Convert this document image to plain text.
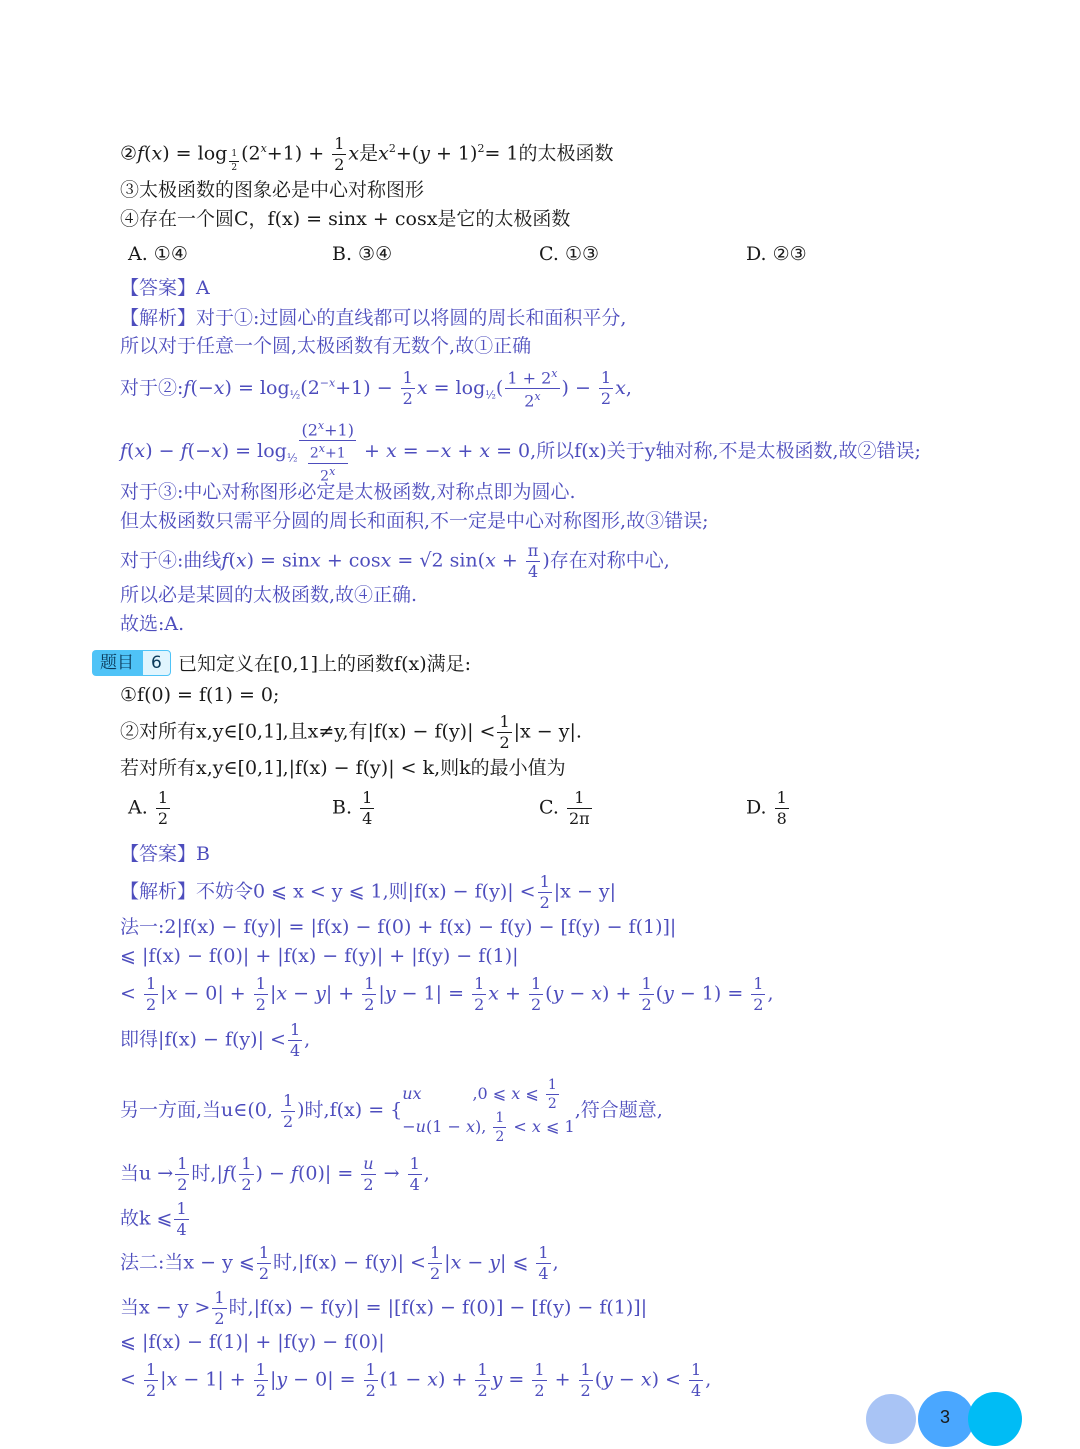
②f(x) = log $_{\frac{1}{2}}$ $(2^x+1) + \frac{1}{2}$ x是$x^2+(y + 1)^2= 1$的太极函数
③太极函数的图象必是中心对称图形
④存在一个圆C，f(x) = sinx + cosx是它的太极函数
A. ①④	B. ③④	C. ①③	D. ②③
【答案】A
【解析】对于①:过圆心的直线都可以将圆的周长和面积平分,
所以对于任意一个圆,太极函数有无数个,故①正确
对于②:f(−x) = $\log_{\frac{1}{2}}(2^{-x}+1) - \frac{1}{2}$ $x = \log_{\frac{1}{2}}( \frac{1 + 2^x}{2^x}$ ) − $\frac{1}{2} x$,
$f(x) - f(-x) = \log_{\frac{1}{2}} \frac{(2^x+1)}{\frac{2^x+1}{2^x}} + x = -x + x = 0$,所以f(x)关于y轴对称,不是太极函数,故②错误;
对于③:中心对称图形必定是太极函数,对称点即为圆心.
但太极函数只需平分圆的周长和面积,不一定是中心对称图形,故③错误;
对于④:曲线f(x) = sinx + cosx = √2 $\sin(x + \frac{\pi}{4}$ )存在对称中心,
所以必是某圆的太极函数,故④正确.
故选:A.
题目	6 已知定义在[0,1]上的函数f(x)满足:
①f(0) = f(1) = 0;
②对所有x,y∈[0,1],且x≠y,有$|f(x) - f(y)| < \frac{1}{2} |x - y|$.
若对所有x,y∈[0,1],|f(x) − f(y)| < k,则k的最小值为
A. $\frac{1}{2}$	B. $\frac{1}{4}$	C. $\frac{1}{2\pi}$	D. $\frac{1}{8}$
【答案】B
【解析】不妨令0 ⩽ x < y ⩽ 1,则$|f(x) - f(y)| < \frac{1}{2} |x - y|$
法一:2|f(x) − f(y)| = |f(x) − f(0) + f(x) − f(y) − [f(y) − f(1)]|
⩽ |f(x) − f(0)| + |f(x) − f(y)| + |f(y) − f(1)|
< $\frac{1}{2} |x - 0| + \frac{1}{2} |x - y| + \frac{1}{2} |y - 1| = \frac{1}{2}$ $x + \frac{1}{2} (y - x) + \frac{1}{2} (y - 1) = \frac{1}{2}$ ,
即得$|f(x) - f(y)| < \frac{1}{4}$ ,
另一方面,当u∈(0, $\frac{1}{2}$ )时,f(x) = {
ux          ,0 ⩽ x ⩽ $\frac{1}{2}$
−u(1 − x), $\frac{1}{2} < x$ ⩽ 1
,符合题意,
当$u \to \frac{1}{2}$ 时$,|f( \frac{1}{2}$ ) − $f(0)| = \frac{u}{2} \to \frac{1}{4}$ ,
故k ⩽ $\frac{1}{4}$
法二:当x − y ⩽ $\frac{1}{2}$ 时$,|f(x) - f(y)| < \frac{1}{2} |x - y|$ ⩽ $\frac{1}{4}$ ,
当$x - y > \frac{1}{2}$ 时,|f(x) − f(y)| = |[f(x) − f(0)] − [f(y) − f(1)]|
⩽ |f(x) − f(1)| + |f(y) − f(0)|
< $\frac{1}{2} |x - 1| + \frac{1}{2} |y - 0| = \frac{1}{2} (1 - x) + \frac{1}{2}$ $y = \frac{1}{2} + \frac{1}{2} (y - x) < \frac{1}{4}$ ,
3
